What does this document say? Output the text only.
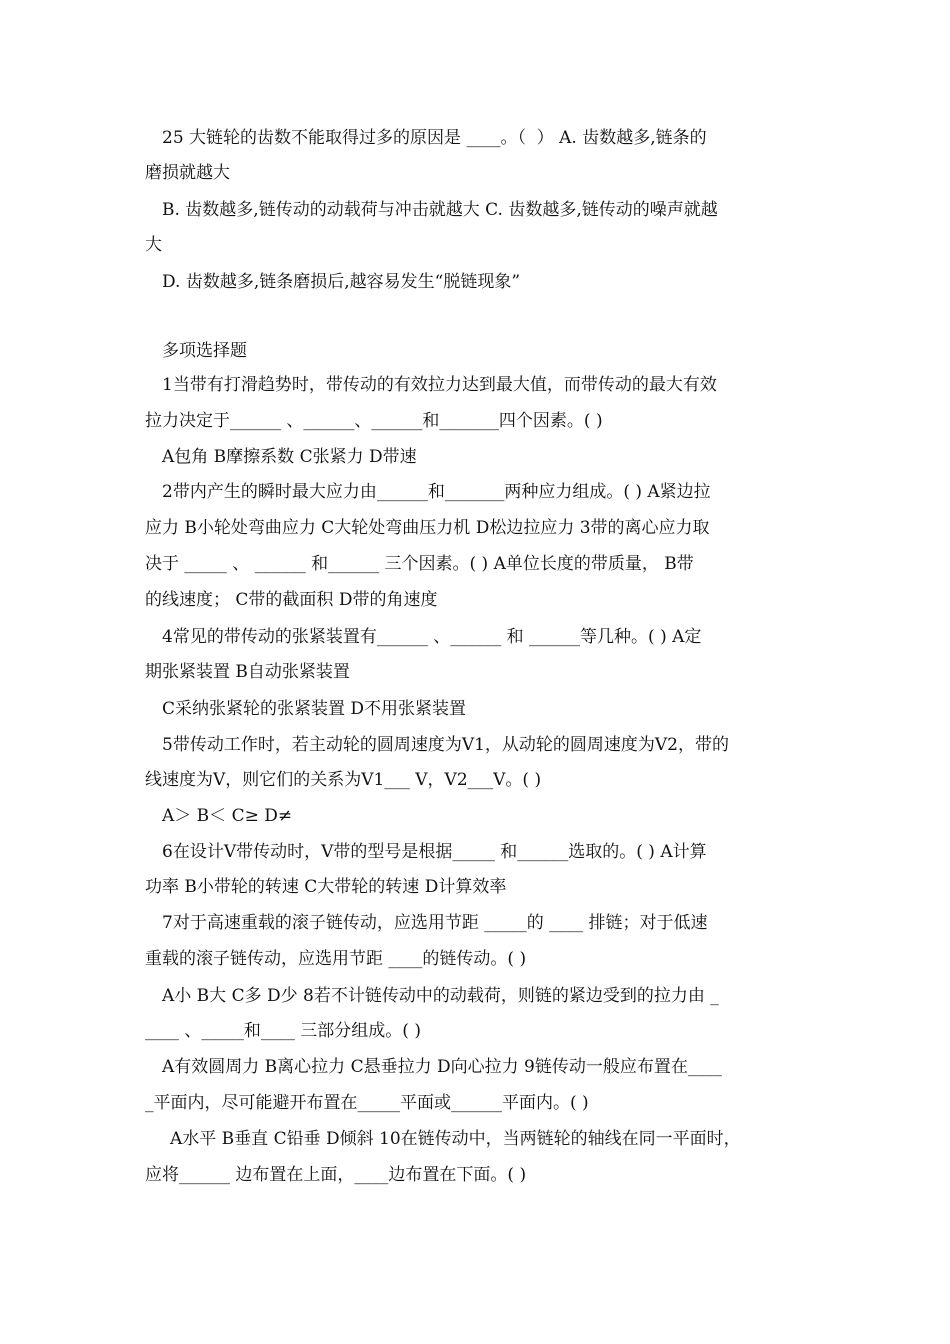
25 大链轮的齿数不能取得过多的原因是 ____。（  ） A. 齿数越多,链条的
磨损就越大
B. 齿数越多,链传动的动载荷与冲击就越大 C. 齿数越多,链传动的噪声就越
大
D. 齿数越多,链条磨损后,越容易发生“脱链现象”
多项选择题
1当带有打滑趋势时，带传动的有效拉力达到最大值，而带传动的最大有效
拉力决定于______ 、______、______和_______四个因素。( )
A包角 B摩擦系数 C张紧力 D带速
2带内产生的瞬时最大应力由______和_______两种应力组成。( ) A紧边拉
应力 B小轮处弯曲应力 C大轮处弯曲压力机 D松边拉应力 3带的离心应力取
决于 _____ 、 ______ 和______ 三个因素。( ) A单位长度的带质量， B带
的线速度； C带的截面积 D带的角速度
4常见的带传动的张紧装置有______ 、______ 和 ______等几种。( ) A定
期张紧装置 B自动张紧装置
C采纳张紧轮的张紧装置 D不用张紧装置
5带传动工作时，若主动轮的圆周速度为V1，从动轮的圆周速度为V2，带的
线速度为V，则它们的关系为V1___ V，V2___V。( )
A＞ B＜ C≥ D≠
6在设计V带传动时，V带的型号是根据_____ 和______选取的。( ) A计算
功率 B小带轮的转速 C大带轮的转速 D计算效率
7对于高速重载的滚子链传动，应选用节距 _____的 ____ 排链；对于低速
重载的滚子链传动，应选用节距 ____的链传动。( )
A小 B大 C多 D少 8若不计链传动中的动载荷，则链的紧边受到的拉力由 _
____ 、_____和____ 三部分组成。( )
A有效圆周力 B离心拉力 C悬垂拉力 D向心拉力 9链传动一般应布置在____
_平面内，尽可能避开布置在_____平面或______平面内。( )
A水平 B垂直 C铅垂 D倾斜 10在链传动中，当两链轮的轴线在同一平面时，
应将______ 边布置在上面，____边布置在下面。( )
